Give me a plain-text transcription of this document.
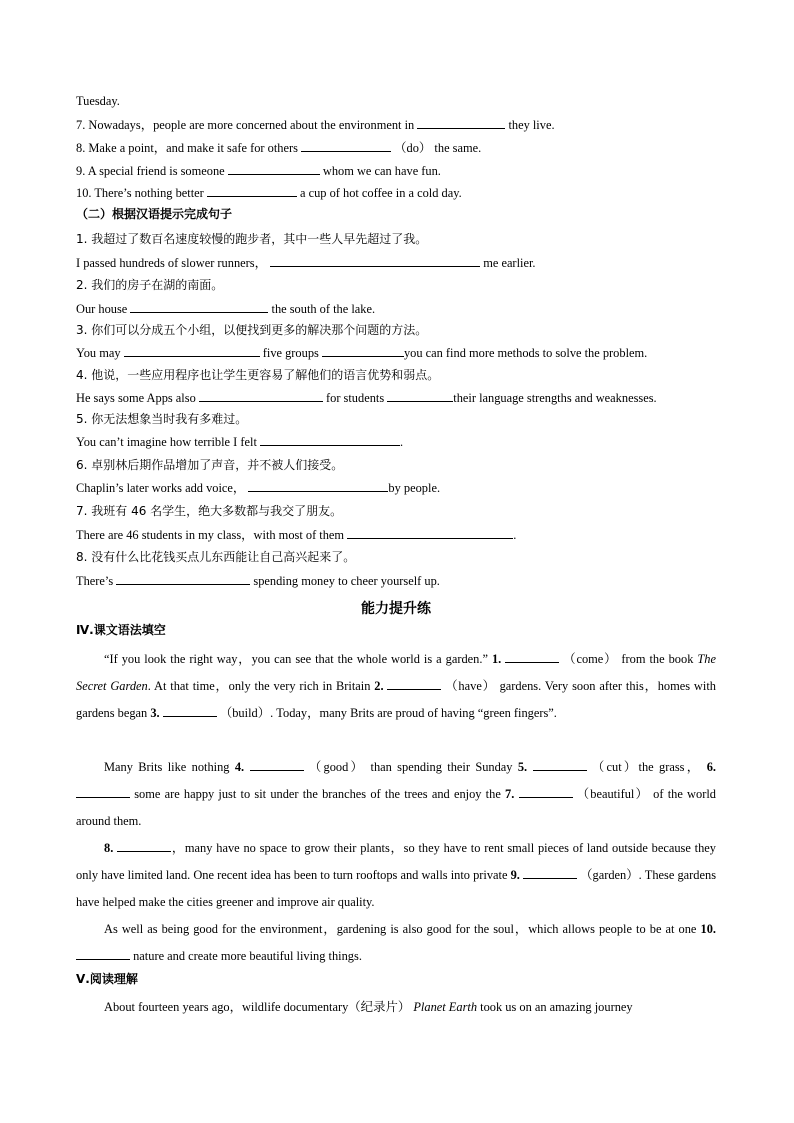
Tuesday.
7. Nowadays，people are more concerned about the environment in	they live.
8. Make a point，and make it safe for others	（do） the same.
9. A special friend is someone	whom we can have fun.
10. There’s nothing better	a cup of hot coffee in a cold day.
（二）根据汉语提示完成句子
1. 我超过了数百名速度较慢的跑步者，其中一些人早先超过了我。
I passed hundreds of slower runners，	me earlier.
2. 我们的房子在湖的南面。
Our house	the south of the lake.
3. 你们可以分成五个小组，以便找到更多的解决那个问题的方法。
You may	five groups	you can find more methods to solve the problem.
4. 他说，一些应用程序也让学生更容易了解他们的语言优势和弱点。
He says some Apps also	for students	their language strengths and weaknesses.
5. 你无法想象当时我有多难过。
You can’t imagine how terrible I felt	.
6. 卓别林后期作品增加了声音，并不被人们接受。
Chaplin’s later works add voice，	by people.
7. 我班有 46 名学生，绝大多数都与我交了朋友。
There are 46 students in my class，with most of them	.
8. 没有什么比花钱买点儿东西能让自己高兴起来了。
There’s	spending money to cheer yourself up.
能力提升练
Ⅳ.课文语法填空
“If you look the right way，you can see that the whole world is a garden.” 1.	（come） from the book The Secret Garden. At that time，only the very rich in Britain 2.	（have） gardens. Very soon after this，homes with gardens began 3.	（build）. Today，many Brits are proud of having “green fingers”.
Many Brits like nothing 4.	（good） than spending their Sunday 5.	（cut）the grass， 6.  some are happy just to sit under the branches of the trees and enjoy the 7.	（beautiful） of the world around them.
8.	，many have no space to grow their plants，so they have to rent small pieces of land outside because they only have limited land. One recent idea has been to turn rooftops and walls into private 9.	（garden）. These gardens have helped make the cities greener and improve air quality.
As well as being good for the environment，gardening is also good for the soul，which allows people to be at one 10.  nature and create more beautiful living things.
Ⅴ.阅读理解
About fourteen years ago，wildlife documentary（纪录片） Planet Earth took us on an amazing journey
